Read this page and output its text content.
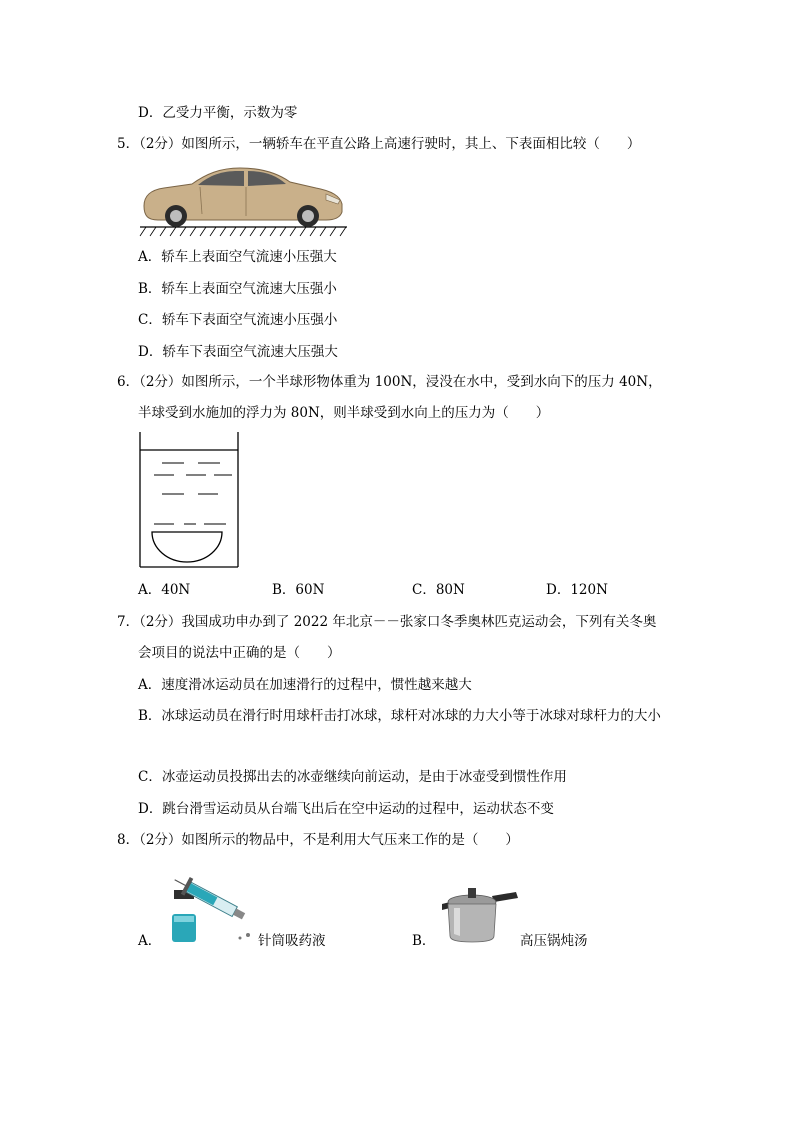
D．乙受力平衡，示数为零
5．（2分）如图所示，一辆轿车在平直公路上高速行驶时，其上、下表面相比较（　　）
A．轿车上表面空气流速小压强大
B．轿车上表面空气流速大压强小
C．轿车下表面空气流速小压强小
D．轿车下表面空气流速大压强大
6．（2分）如图所示，一个半球形物体重为 100N，浸没在水中，受到水向下的压力 40N，
半球受到水施加的浮力为 80N，则半球受到水向上的压力为（　　）
A．40N	B．60N	C．80N	D．120N
7．（2分）我国成功申办到了 2022 年北京－－张家口冬季奥林匹克运动会，下列有关冬奥
会项目的说法中正确的是（　　）
A．速度滑冰运动员在加速滑行的过程中，惯性越来越大
B．冰球运动员在滑行时用球杆击打冰球，球杆对冰球的力大小等于冰球对球杆力的大小
C．冰壶运动员投掷出去的冰壶继续向前运动，是由于冰壶受到惯性作用
D．跳台滑雪运动员从台端飞出后在空中运动的过程中，运动状态不变
8．（2分）如图所示的物品中，不是利用大气压来工作的是（　　）
A．	针筒吸药液	B．	高压锅炖汤
